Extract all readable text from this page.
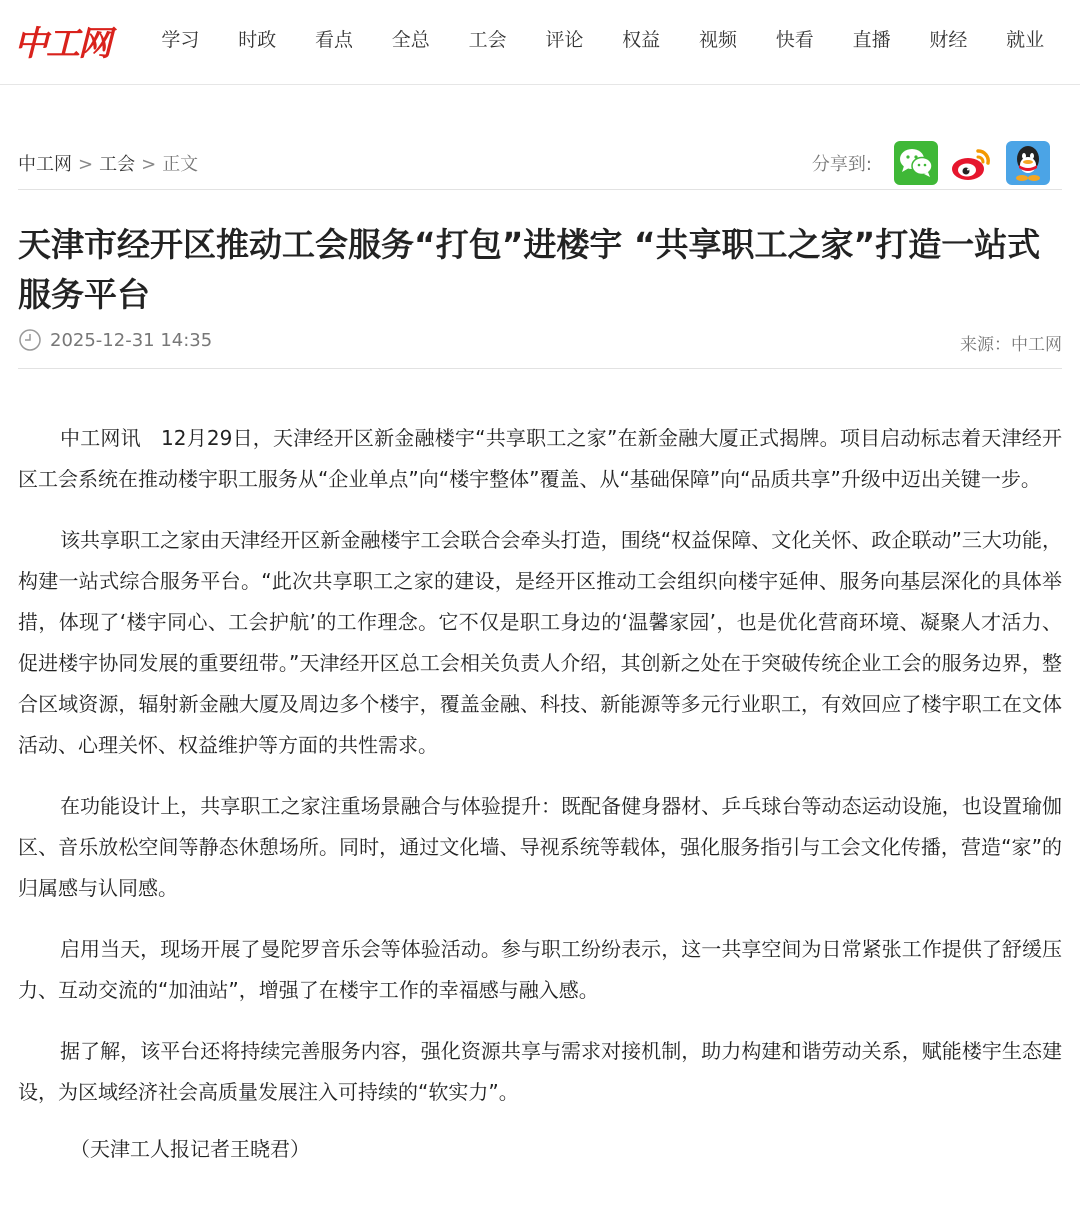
中工网	学习	时政	看点	全总	工会	评论	权益	视频	快看	直播	财经	就业
中工网 > 工会 > 正文	分享到:
天津市经开区推动工会服务“打包”进楼宇 “共享职工之家”打造一站式服务平台
2025-12-31 14:35	来源：中工网

中工网讯　12月29日，天津经开区新金融楼宇“共享职工之家”在新金融大厦正式揭牌。项目启动标志着天津经开区工会系统在推动楼宇职工服务从“企业单点”向“楼宇整体”覆盖、从“基础保障”向“品质共享”升级中迈出关键一步。

该共享职工之家由天津经开区新金融楼宇工会联合会牵头打造，围绕“权益保障、文化关怀、政企联动”三大功能，构建一站式综合服务平台。“此次共享职工之家的建设，是经开区推动工会组织向楼宇延伸、服务向基层深化的具体举措，体现了‘楼宇同心、工会护航’的工作理念。它不仅是职工身边的‘温馨家园’，也是优化营商环境、凝聚人才活力、促进楼宇协同发展的重要纽带。”天津经开区总工会相关负责人介绍，其创新之处在于突破传统企业工会的服务边界，整合区域资源，辐射新金融大厦及周边多个楼宇，覆盖金融、科技、新能源等多元行业职工，有效回应了楼宇职工在文体活动、心理关怀、权益维护等方面的共性需求。

在功能设计上，共享职工之家注重场景融合与体验提升：既配备健身器材、乒乓球台等动态运动设施，也设置瑜伽区、音乐放松空间等静态休憩场所。同时，通过文化墙、导视系统等载体，强化服务指引与工会文化传播，营造“家”的归属感与认同感。

启用当天，现场开展了曼陀罗音乐会等体验活动。参与职工纷纷表示，这一共享空间为日常紧张工作提供了舒缓压力、互动交流的“加油站”，增强了在楼宇工作的幸福感与融入感。

据了解，该平台还将持续完善服务内容，强化资源共享与需求对接机制，助力构建和谐劳动关系，赋能楼宇生态建设，为区域经济社会高质量发展注入可持续的“软实力”。

（天津工人报记者王晓君）
